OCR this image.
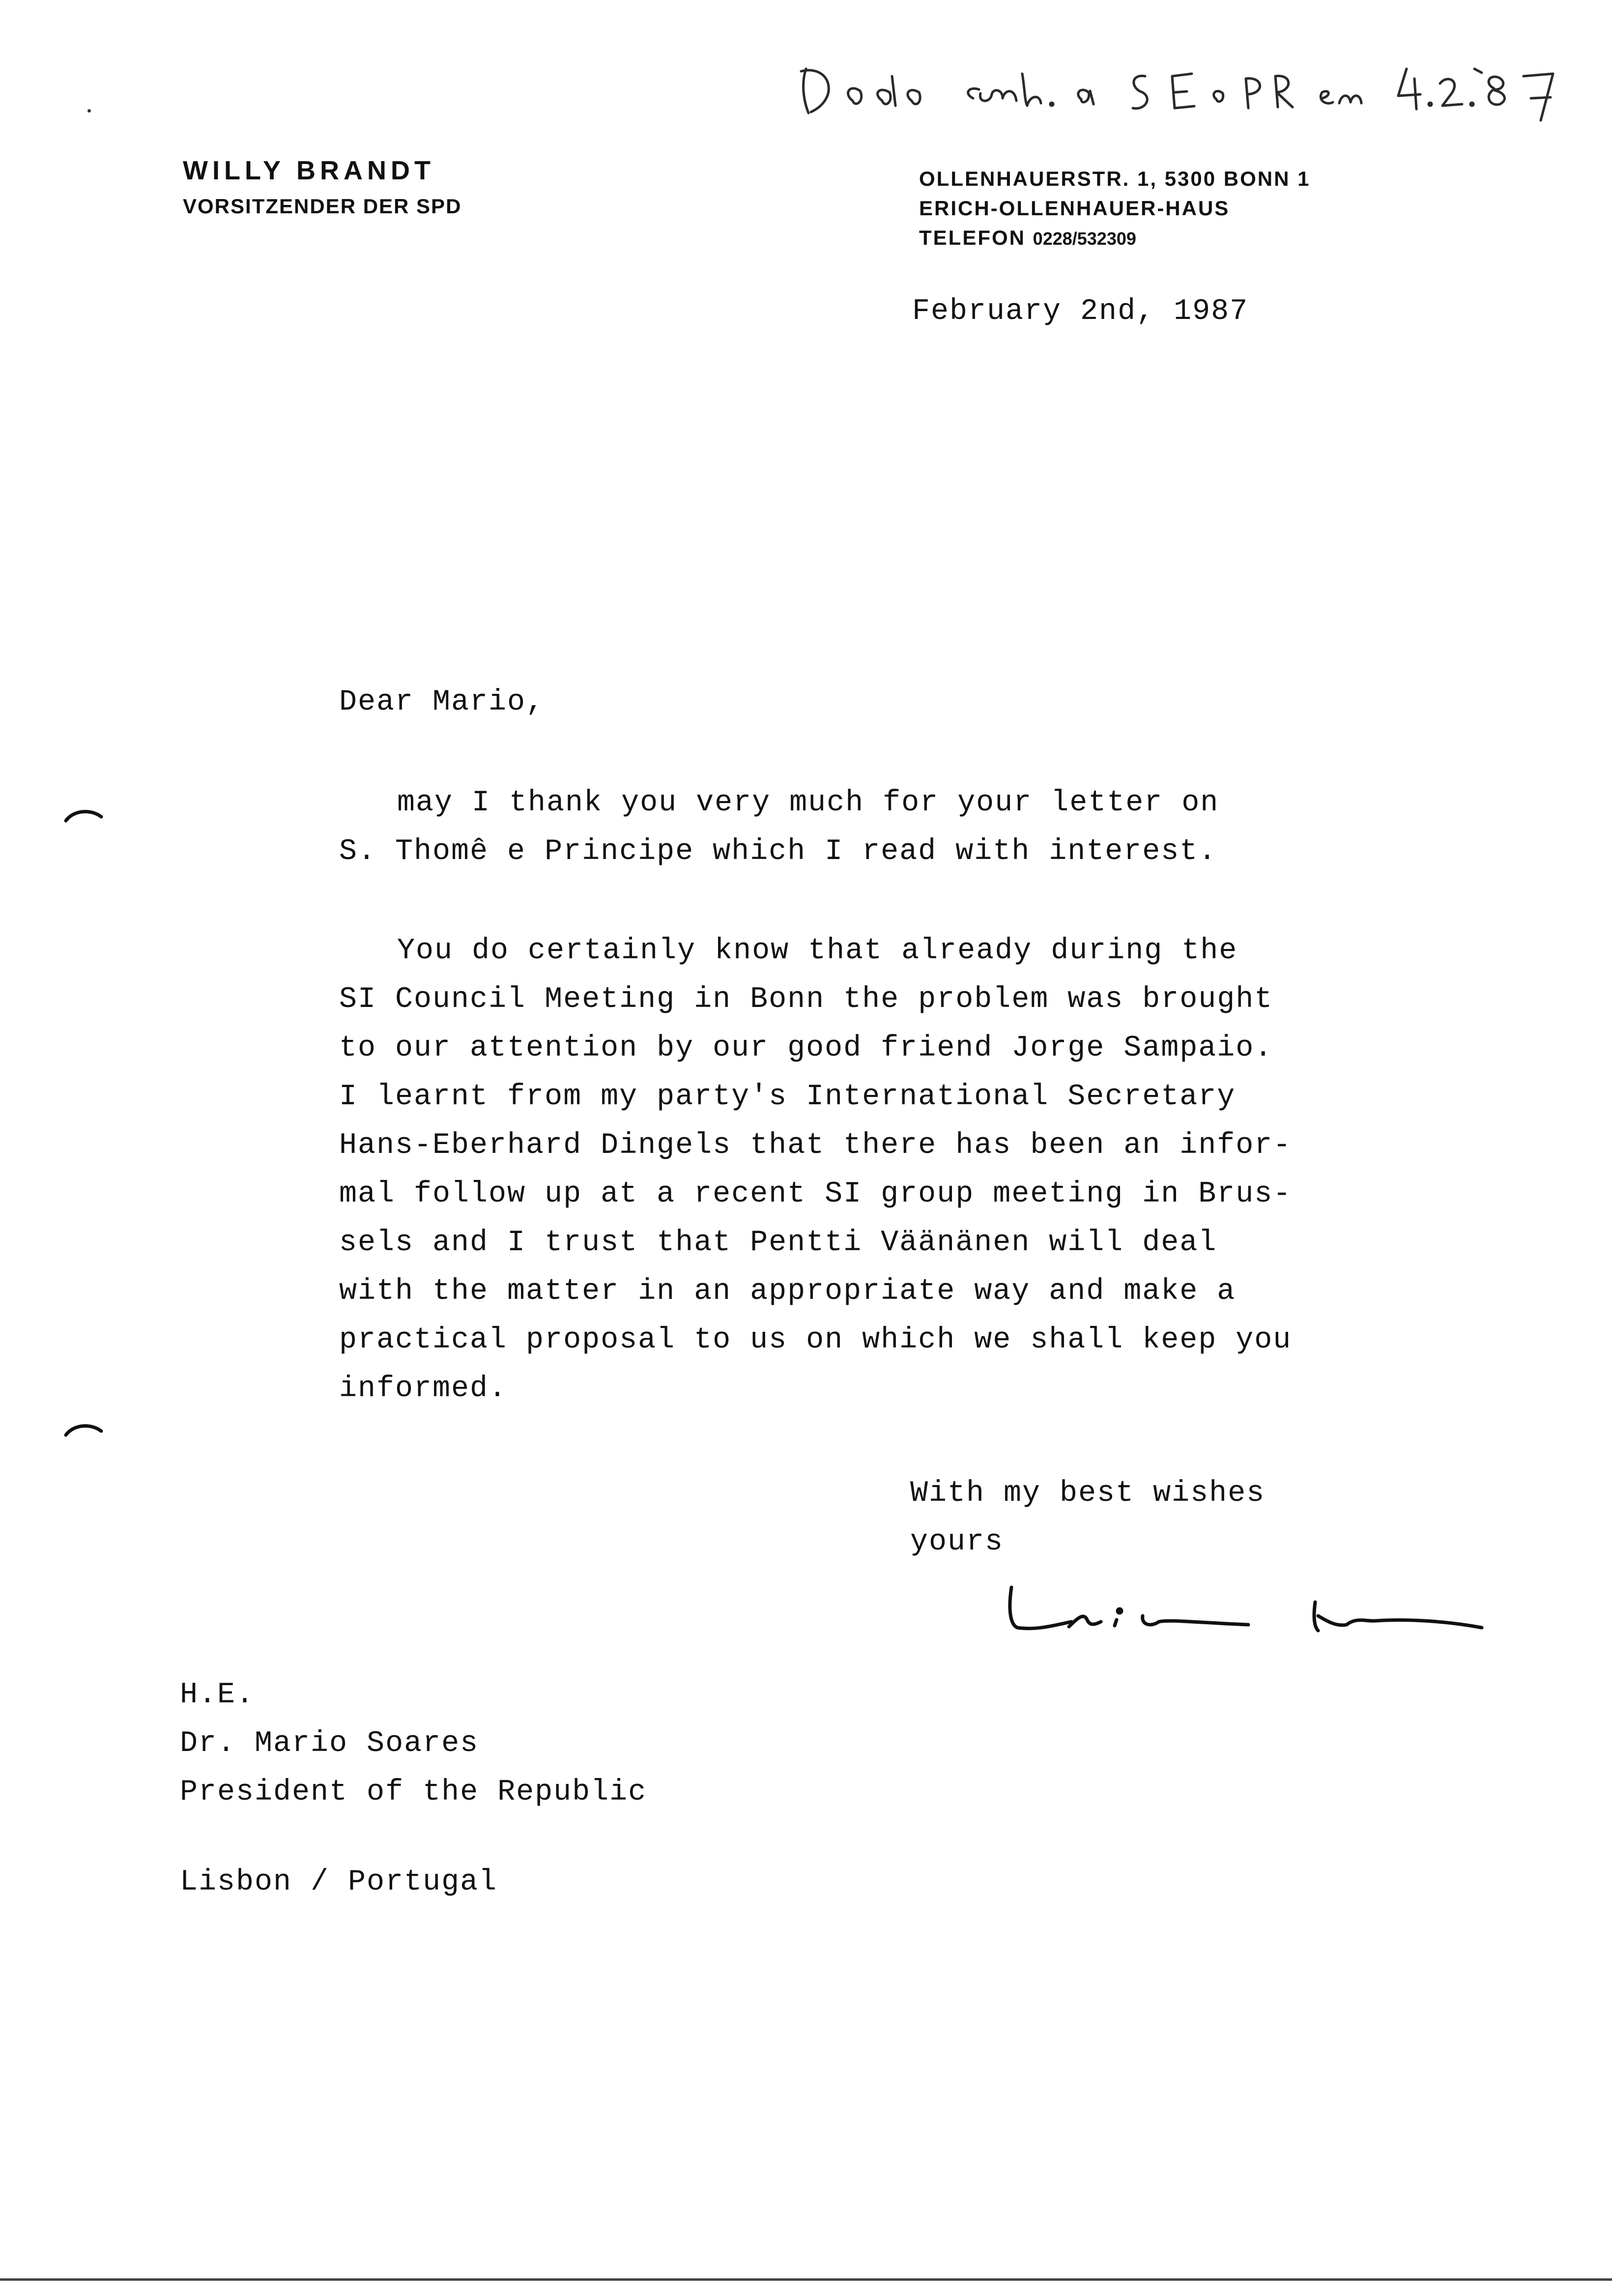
WILLY BRANDT
VORSITZENDER DER SPD
OLLENHAUERSTR. 1, 5300 BONN 1
ERICH-OLLENHAUER-HAUS
TELEFON 0228/532309
February 2nd, 1987
Dear Mario,
may I thank you very much for your letter on
S. Thomê e Principe which I read with interest.
You do certainly know that already during the
SI Council Meeting in Bonn the problem was brought
to our attention by our good friend Jorge Sampaio.
I learnt from my party's International Secretary
Hans-Eberhard Dingels that there has been an infor-
mal follow up at a recent SI group meeting in Brus-
sels and I trust that Pentti Väänänen will deal
with the matter in an appropriate way and make a
practical proposal to us on which we shall keep you
informed.
With my best wishes
yours
H.E.
Dr. Mario Soares
President of the Republic
Lisbon / Portugal
